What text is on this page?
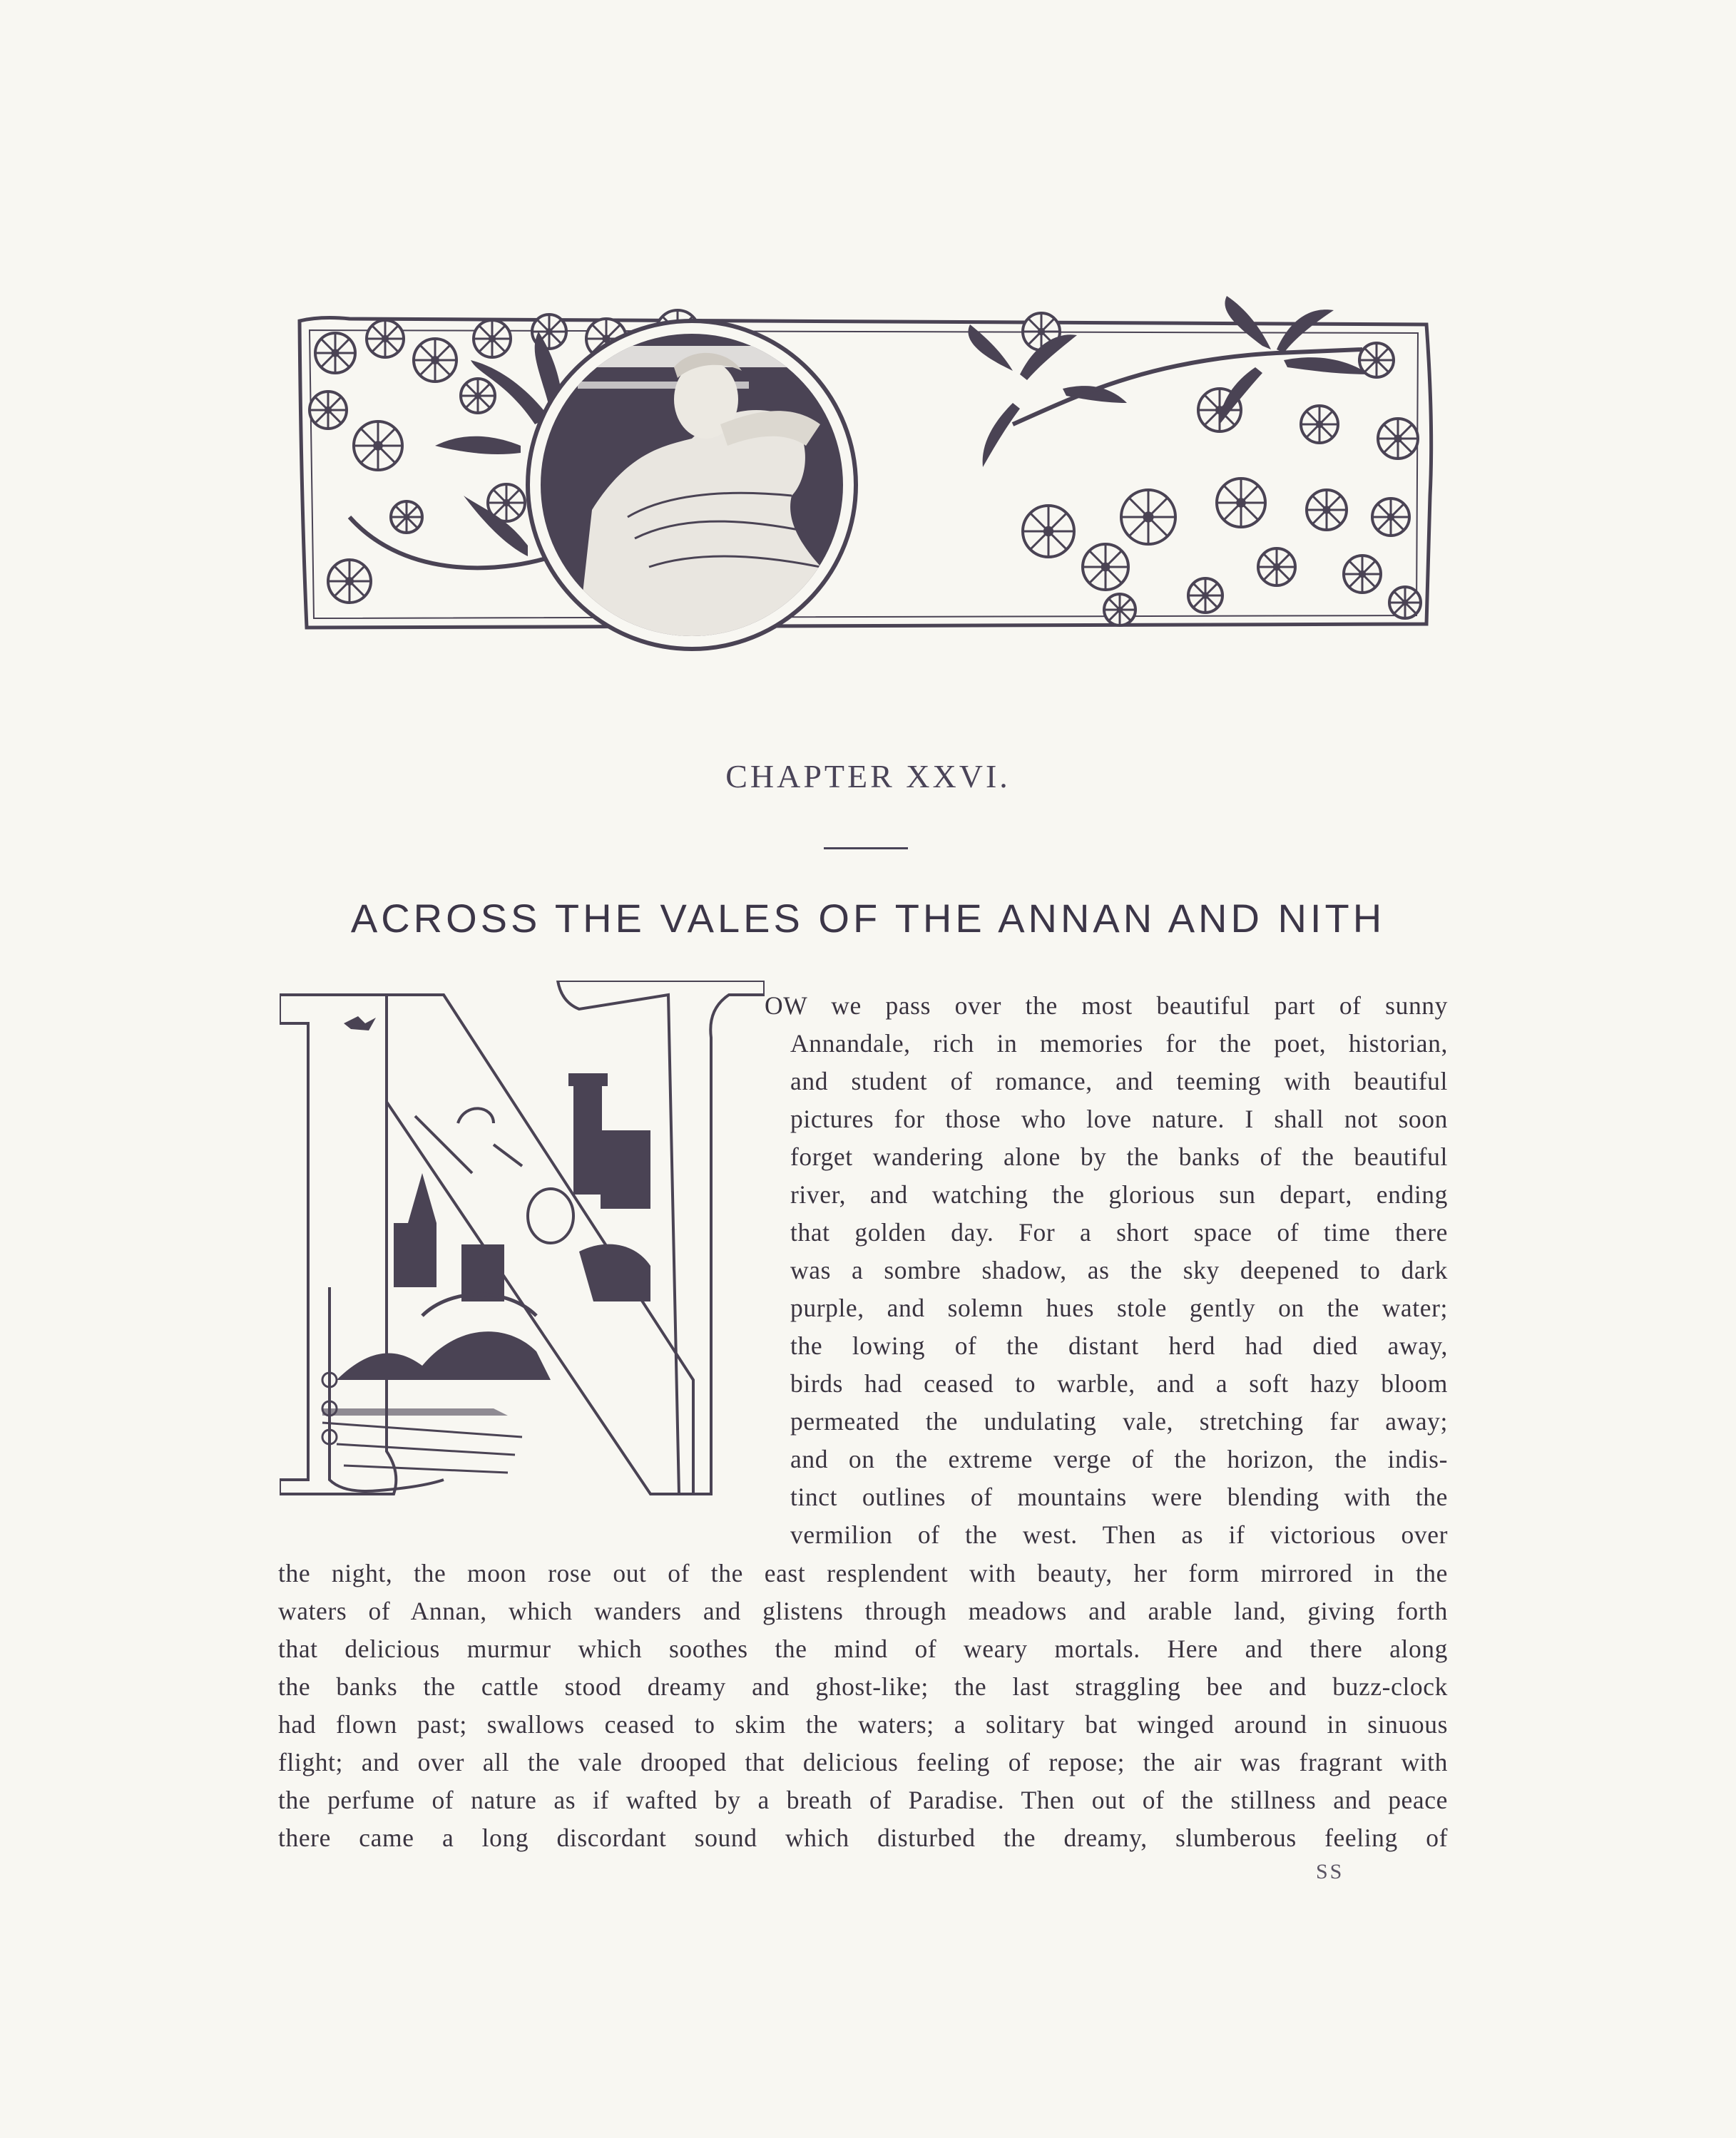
CHAPTER XXVI.
ACROSS THE VALES OF THE ANNAN AND NITH
OW we pass over the most beautiful part of sunny
Annandale, rich in memories for the poet, historian,
and student of romance, and teeming with beautiful
pictures for those who love nature. I shall not soon
forget wandering alone by the banks of the beautiful
river, and watching the glorious sun depart, ending
that golden day. For a short space of time there
was a sombre shadow, as the sky deepened to dark
purple, and solemn hues stole gently on the water;
the lowing of the distant herd had died away,
birds had ceased to warble, and a soft hazy bloom
permeated the undulating vale, stretching far away;
and on the extreme verge of the horizon, the indis-
tinct outlines of mountains were blending with the
vermilion of the west. Then as if victorious over
the night, the moon rose out of the east resplendent with beauty, her form mirrored in the
waters of Annan, which wanders and glistens through meadows and arable land, giving forth
that delicious murmur which soothes the mind of weary mortals. Here and there along
the banks the cattle stood dreamy and ghost-like; the last straggling bee and buzz-clock
had flown past; swallows ceased to skim the waters; a solitary bat winged around in sinuous
flight; and over all the vale drooped that delicious feeling of repose; the air was fragrant with
the perfume of nature as if wafted by a breath of Paradise. Then out of the stillness and peace
there came a long discordant sound which disturbed the dreamy, slumberous feeling of
SS
